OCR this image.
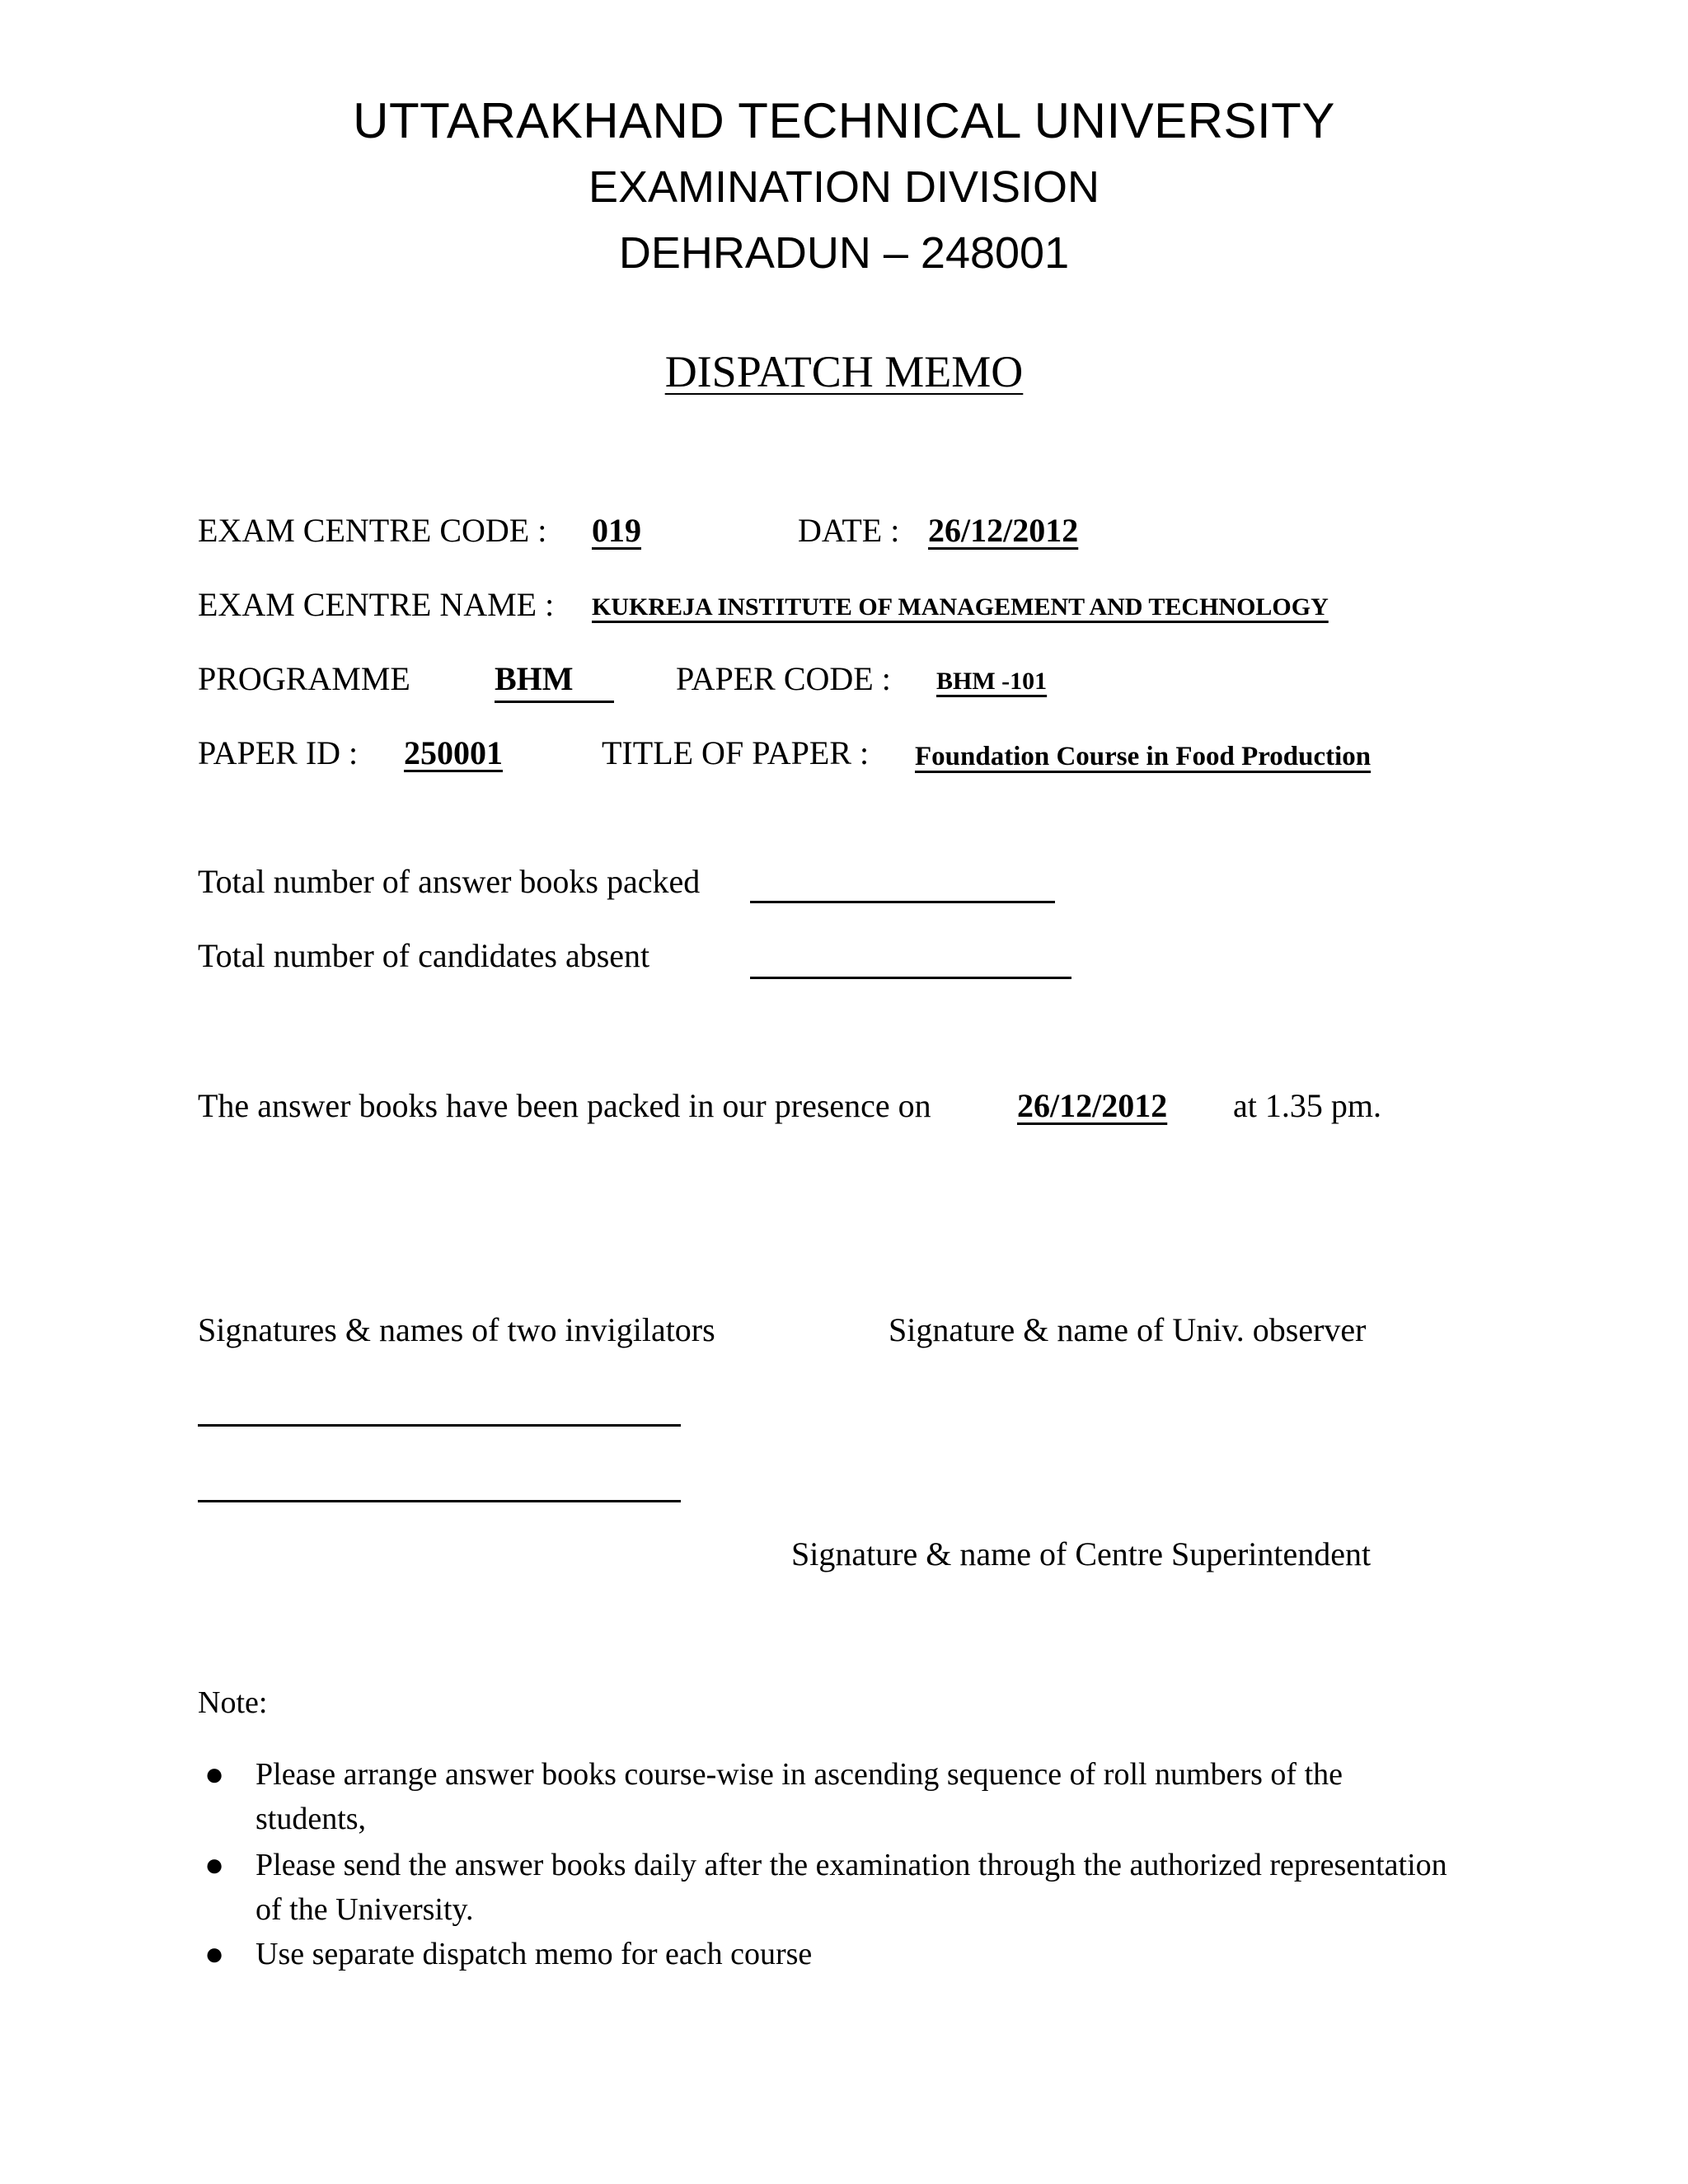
UTTARAKHAND TECHNICAL UNIVERSITY
EXAMINATION DIVISION
DEHRADUN – 248001
DISPATCH MEMO
EXAM CENTRE CODE : 019	DATE : 26/12/2012
EXAM CENTRE NAME : KUKREJA INSTITUTE OF MANAGEMENT AND TECHNOLOGY
PROGRAMME	BHM	PAPER CODE : BHM -101
PAPER ID : 250001	TITLE OF PAPER : Foundation Course in Food Production
Total number of answer books packed
Total number of candidates absent
The answer books have been packed in our presence on	26/12/2012 at 1.35 pm.
Signatures & names of two invigilators	Signature & name of Univ. observer
Signature & name of Centre Superintendent
Note:
● Please arrange answer books course-wise in ascending sequence of roll numbers of the students,
● Please send the answer books daily after the examination through the authorized representation of the University.
● Use separate dispatch memo for each course
